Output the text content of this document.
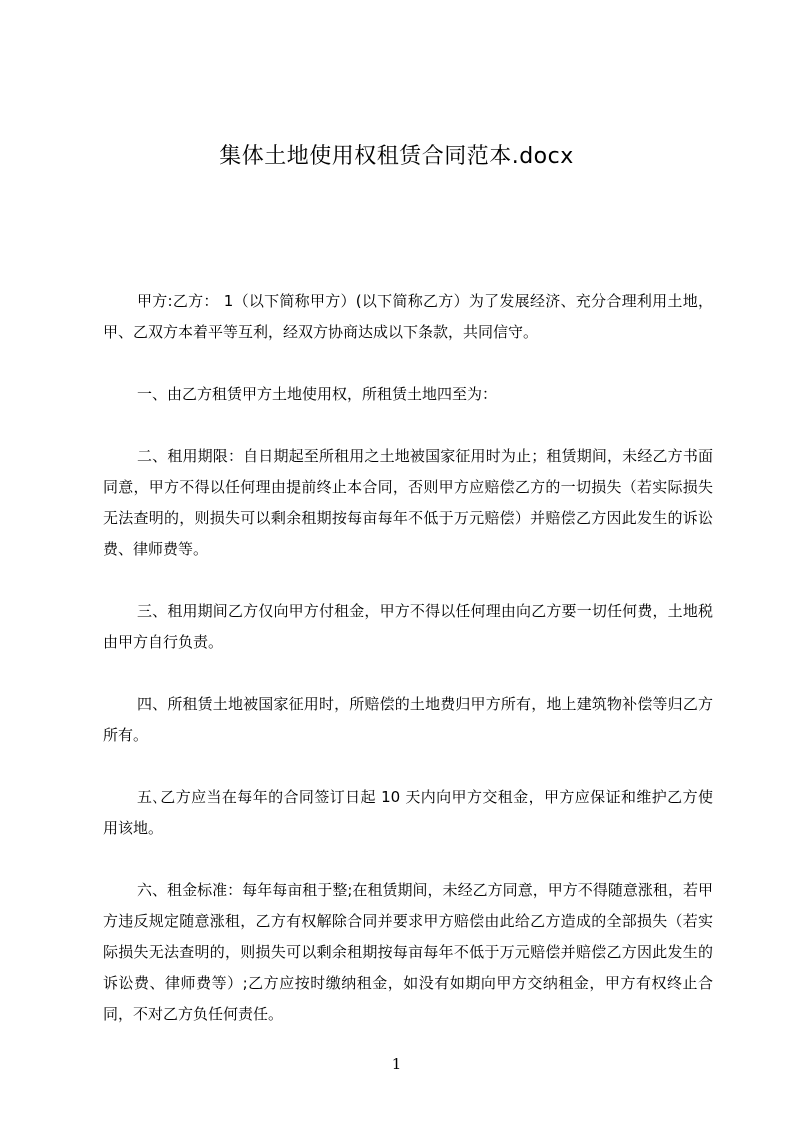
集体土地使用权租赁合同范本.docx

甲方:乙方： 1（以下简称甲方）(以下简称乙方）为了发展经济、充分合理利用土地，甲、乙双方本着平等互利，经双方协商达成以下条款，共同信守。

一、由乙方租赁甲方土地使用权，所租赁土地四至为：

二、租用期限：自日期起至所租用之土地被国家征用时为止；租赁期间，未经乙方书面同意，甲方不得以任何理由提前终止本合同，否则甲方应赔偿乙方的一切损失（若实际损失无法查明的，则损失可以剩余租期按每亩每年不低于万元赔偿）并赔偿乙方因此发生的诉讼费、律师费等。

三、租用期间乙方仅向甲方付租金，甲方不得以任何理由向乙方要一切任何费，土地税由甲方自行负责。

四、所租赁土地被国家征用时，所赔偿的土地费归甲方所有，地上建筑物补偿等归乙方所有。

五､乙方应当在每年的合同签订日起 10 天内向甲方交租金，甲方应保证和维护乙方使用该地。

六、租金标准：每年每亩租于整;在租赁期间，未经乙方同意，甲方不得随意涨租，若甲方违反规定随意涨租，乙方有权解除合同并要求甲方赔偿由此给乙方造成的全部损失（若实际损失无法查明的，则损失可以剩余租期按每亩每年不低于万元赔偿并赔偿乙方因此发生的诉讼费、律师费等）;乙方应按时缴纳租金，如没有如期向甲方交纳租金，甲方有权终止合同，不对乙方负任何责任。

1
